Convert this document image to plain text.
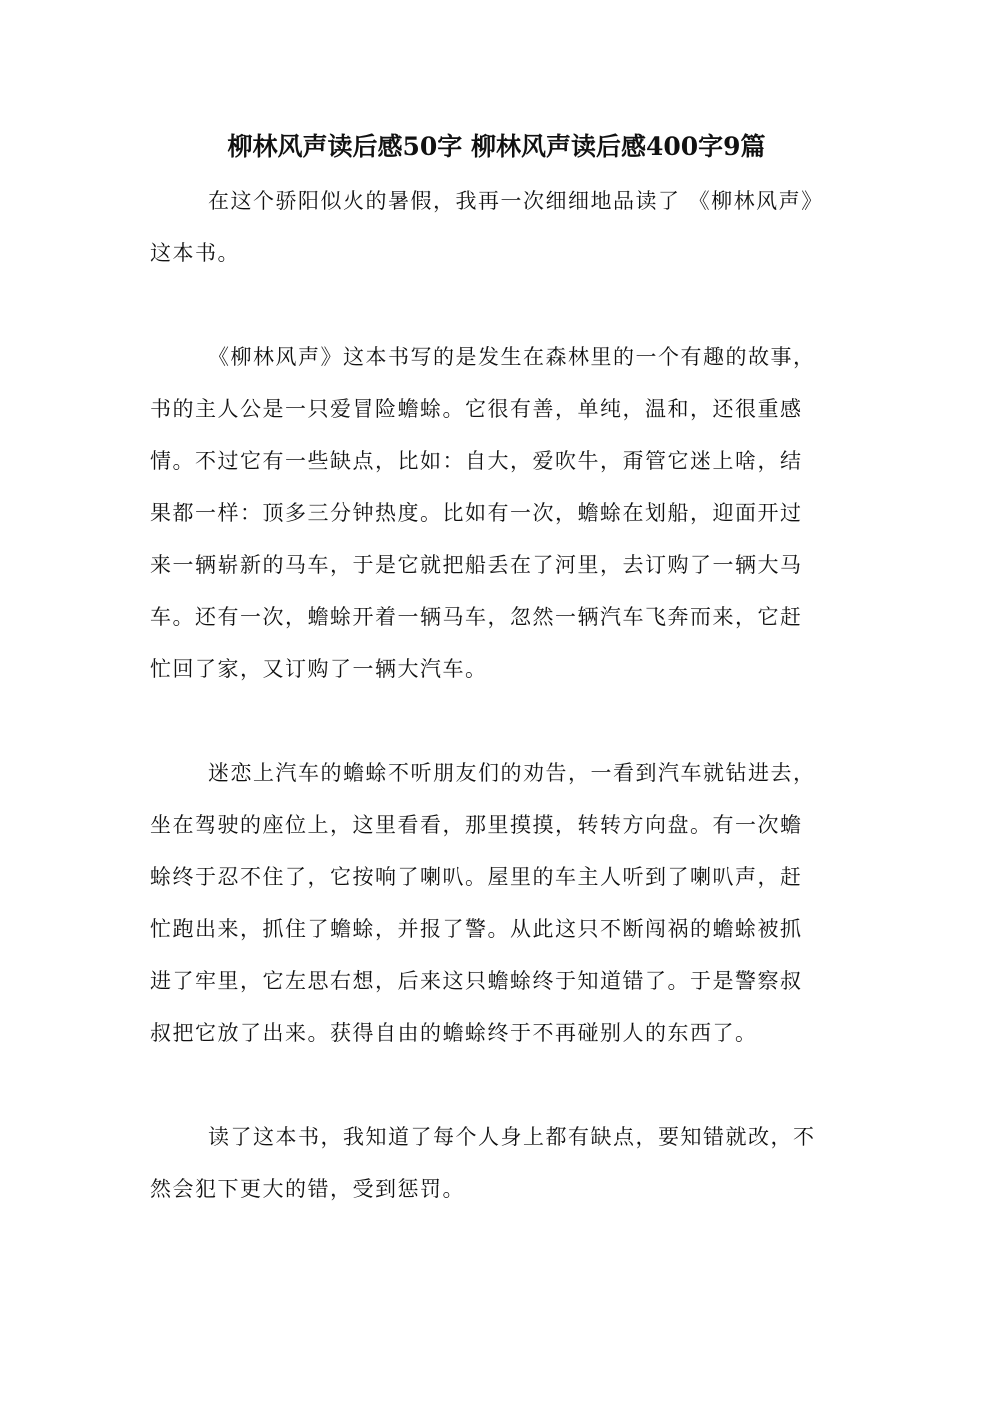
柳林风声读后感50字 柳林风声读后感400字9篇
在这个骄阳似火的暑假，我再一次细细地品读了 《柳林风声》
这本书。
《柳林风声》这本书写的是发生在森林里的一个有趣的故事，
书的主人公是一只爱冒险蟾蜍。它很有善，单纯，温和，还很重感
情。不过它有一些缺点，比如：自大，爱吹牛，甭管它迷上啥，结
果都一样：顶多三分钟热度。比如有一次，蟾蜍在划船，迎面开过
来一辆崭新的马车，于是它就把船丢在了河里，去订购了一辆大马
车。还有一次，蟾蜍开着一辆马车，忽然一辆汽车飞奔而来，它赶
忙回了家，又订购了一辆大汽车。
迷恋上汽车的蟾蜍不听朋友们的劝告，一看到汽车就钻进去，
坐在驾驶的座位上，这里看看，那里摸摸，转转方向盘。有一次蟾
蜍终于忍不住了，它按响了喇叭。屋里的车主人听到了喇叭声，赶
忙跑出来，抓住了蟾蜍，并报了警。从此这只不断闯祸的蟾蜍被抓
进了牢里，它左思右想，后来这只蟾蜍终于知道错了。于是警察叔
叔把它放了出来。获得自由的蟾蜍终于不再碰别人的东西了。
读了这本书，我知道了每个人身上都有缺点，要知错就改，不
然会犯下更大的错，受到惩罚。
